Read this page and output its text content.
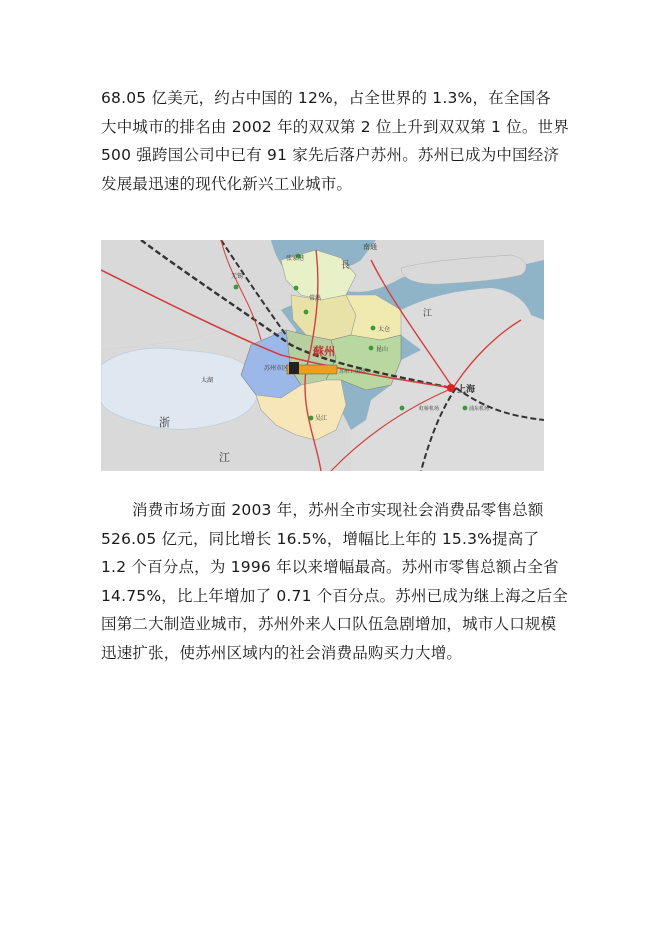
68.05 亿美元，约占中国的 12%，占全世界的 1.3%，在全国各
大中城市的排名由 2002 年的双双第 2 位上升到双双第 1 位。世界
500 强跨国公司中已有 91 家先后落户苏州。苏州已成为中国经济
发展最迅速的现代化新兴工业城市。
苏州工业园区
南通
张家港
无锡
長
常熟
太仓
江
蘇州
苏州市区
昆山
太湖
吴江
上海
虹桥机场	浦东机场
浙
江
消费市场方面 2003 年，苏州全市实现社会消费品零售总额
526.05 亿元，同比增长 16.5%，增幅比上年的 15.3%提高了
1.2 个百分点，为 1996 年以来增幅最高。苏州市零售总额占全省
14.75%，比上年增加了 0.71 个百分点。苏州已成为继上海之后全
国第二大制造业城市，苏州外来人口队伍急剧增加，城市人口规模
迅速扩张，使苏州区域内的社会消费品购买力大增。
